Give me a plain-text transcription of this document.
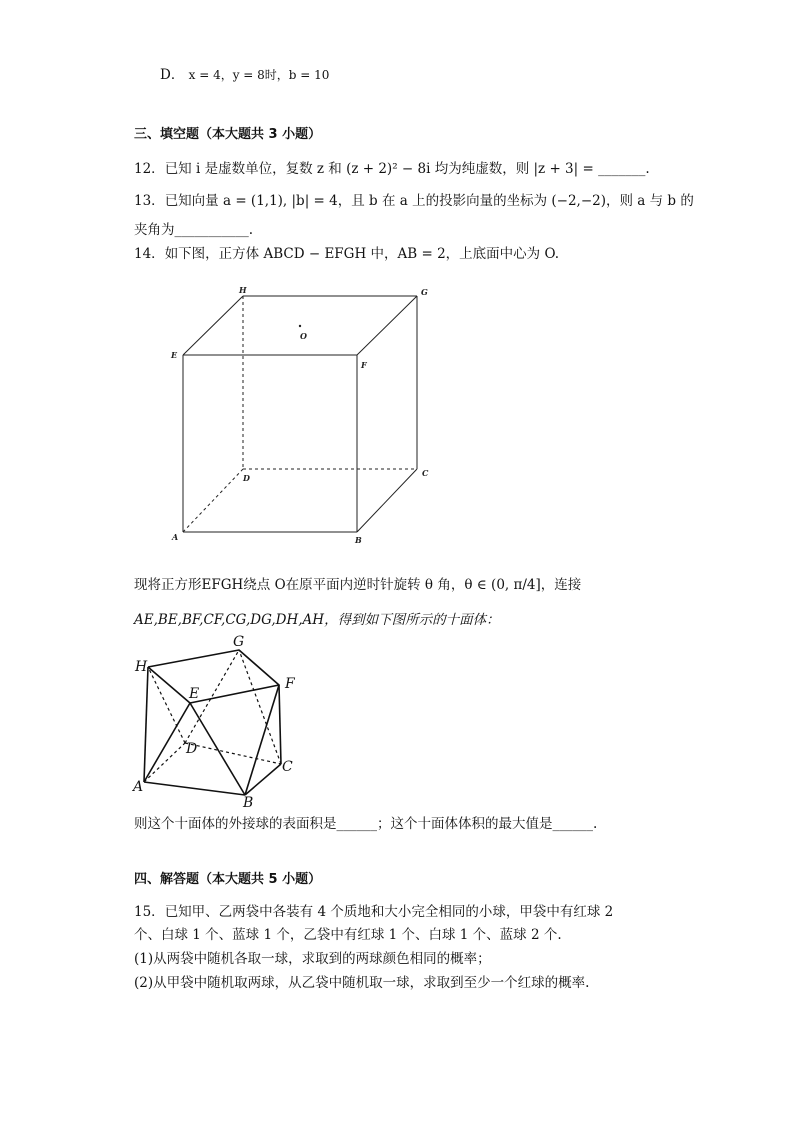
D． x = 4，y = 8时，b = 10
三、填空题（本大题共 3 小题）
12．已知 i 是虚数单位，复数 z 和 (z + 2)² − 8i 均为纯虚数，则 |z + 3| = _______.
13．已知向量 a = (1,1), |b| = 4，且 b 在 a 上的投影向量的坐标为 (−2,−2)，则 a 与 b 的
夹角为___________.
14．如下图，正方体 ABCD − EFGH 中，AB = 2，上底面中心为 O.
H	G
E
F
O
D	C
A	B
现将正方形EFGH绕点 O在原平面内逆时针旋转 θ 角，θ ∈ (0, π/4]，连接
AE,BE,BF,CF,CG,DG,DH,AH，得到如下图所示的十面体：
H
G
F
E
D
C
A
B
则这个十面体的外接球的表面积是______；这个十面体体积的最大值是______.
四、解答题（本大题共 5 小题）
15．已知甲、乙两袋中各装有 4 个质地和大小完全相同的小球，甲袋中有红球 2
个、白球 1 个、蓝球 1 个，乙袋中有红球 1 个、白球 1 个、蓝球 2 个.
(1)从两袋中随机各取一球，求取到的两球颜色相同的概率；
(2)从甲袋中随机取两球，从乙袋中随机取一球，求取到至少一个红球的概率.
